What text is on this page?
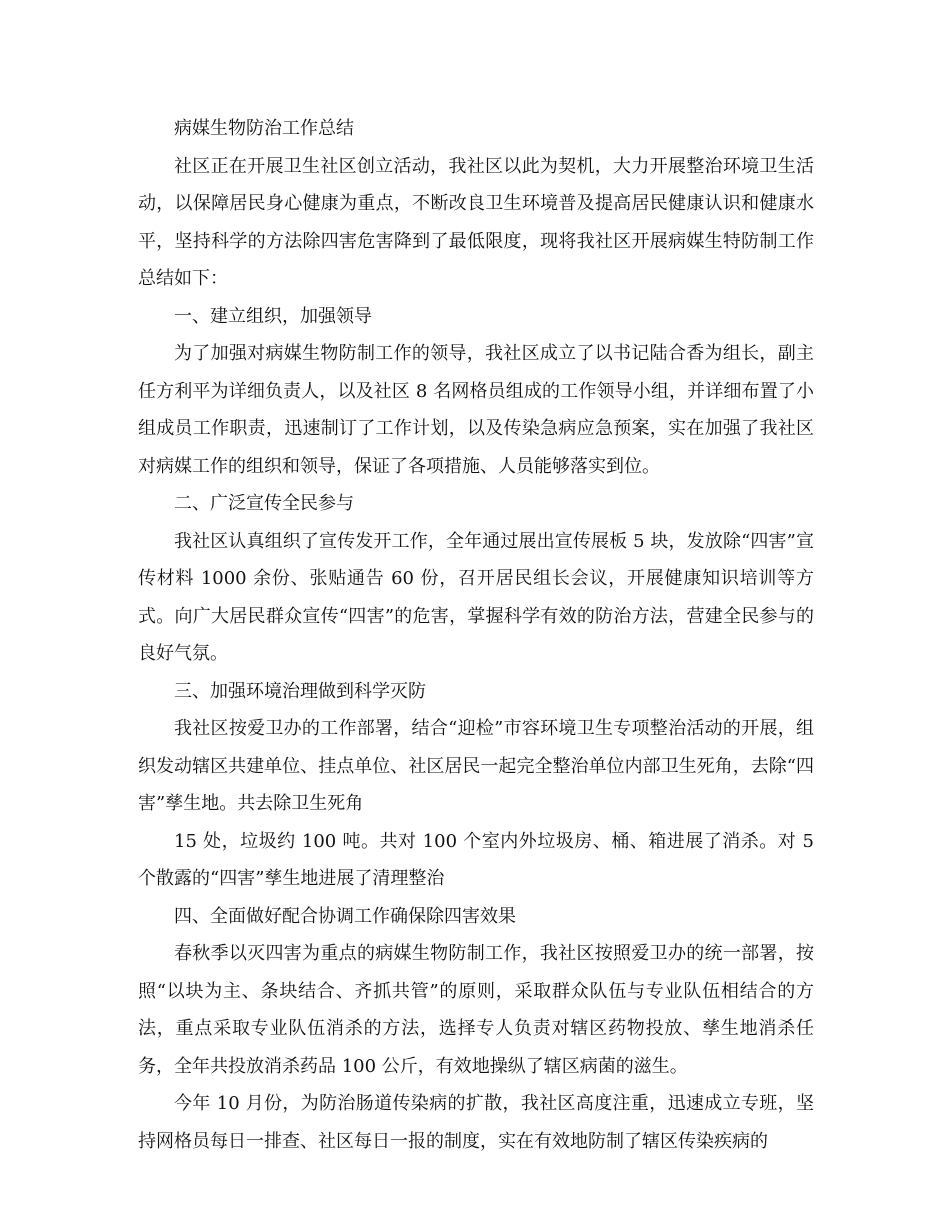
病媒生物防治工作总结

社区正在开展卫生社区创立活动，我社区以此为契机，大力开展整治环境卫生活动，以保障居民身心健康为重点，不断改良卫生环境普及提高居民健康认识和健康水平，坚持科学的方法除四害危害降到了最低限度，现将我社区开展病媒生特防制工作总结如下：

一、建立组织，加强领导

为了加强对病媒生物防制工作的领导，我社区成立了以书记陆合香为组长，副主任方利平为详细负责人，以及社区 8 名网格员组成的工作领导小组，并详细布置了小组成员工作职责，迅速制订了工作计划，以及传染急病应急预案，实在加强了我社区对病媒工作的组织和领导，保证了各项措施、人员能够落实到位。

二、广泛宣传全民参与

我社区认真组织了宣传发开工作，全年通过展出宣传展板 5 块，发放除“四害”宣传材料 1000 余份、张贴通告 60 份，召开居民组长会议，开展健康知识培训等方式。向广大居民群众宣传“四害”的危害，掌握科学有效的防治方法，营建全民参与的良好气氛。

三、加强环境治理做到科学灭防

我社区按爱卫办的工作部署，结合“迎检”市容环境卫生专项整治活动的开展，组织发动辖区共建单位、挂点单位、社区居民一起完全整治单位内部卫生死角，去除“四害”孳生地。共去除卫生死角

15 处，垃圾约 100 吨。共对 100 个室内外垃圾房、桶、箱进展了消杀。对 5 个散露的“四害”孳生地进展了清理整治

四、全面做好配合协调工作确保除四害效果

春秋季以灭四害为重点的病媒生物防制工作，我社区按照爱卫办的统一部署，按照“以块为主、条块结合、齐抓共管”的原则，采取群众队伍与专业队伍相结合的方法，重点采取专业队伍消杀的方法，选择专人负责对辖区药物投放、孳生地消杀任务，全年共投放消杀药品 100 公斤，有效地操纵了辖区病菌的滋生。

今年 10 月份，为防治肠道传染病的扩散，我社区高度注重，迅速成立专班，坚持网格员每日一排查、社区每日一报的制度，实在有效地防制了辖区传染疾病的
